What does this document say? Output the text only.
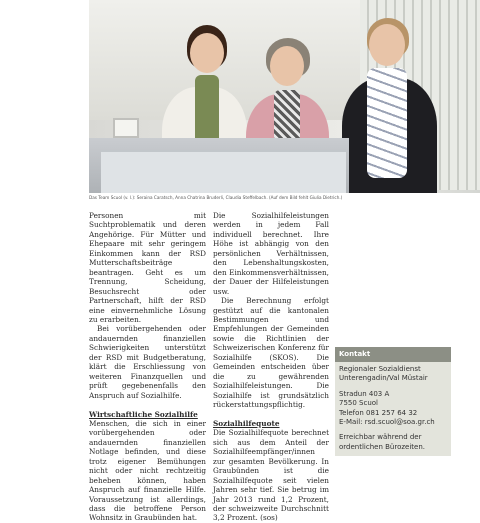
Das Team Scuol (v. l.): Seraina Caratsch, Anna Chatrina Bruderli, Claudia Steffelbach. (Auf dem Bild fehlt Giulia Dietrich.)

Personen mit Suchtproblematik und deren Angehörige. Für Mütter und Ehepaare mit sehr geringem Einkommen kann der RSD Mutterschaftsbeiträge beantragen. Geht es um Trennung, Scheidung, Besuchsrecht oder Partnerschaft, hilft der RSD eine einvernehmliche Lösung zu erarbeiten.

Bei vorübergehenden oder andauernden finanziellen Schwierigkeiten unterstützt der RSD mit Budgetberatung, klärt die Erschliessung von weiteren Finanzquellen und prüft gegebenenfalls den Anspruch auf Sozialhilfe.

Wirtschaftliche Sozialhilfe

Menschen, die sich in einer vorübergehenden oder andauernden finanziellen Notlage befinden, und diese trotz eigener Bemühungen nicht oder nicht rechtzeitig beheben können, haben Anspruch auf finanzielle Hilfe. Voraussetzung ist allerdings, dass die betroffene Person Wohnsitz in Graubünden hat.

Die Sozialhilfeleistungen werden in jedem Fall individuell berechnet. Ihre Höhe ist abhängig von den persönlichen Verhältnissen, den Lebenshaltungskosten, den Einkommensverhältnissen, der Dauer der Hilfeleistungen usw.

Die Berechnung erfolgt gestützt auf die kantonalen Bestimmungen und Empfehlungen der Gemeinden sowie die Richtlinien der Schweizerischen Konferenz für Sozialhilfe (SKOS). Die Gemeinden entscheiden über die zu gewährenden Sozialhilfeleistungen. Die Sozialhilfe ist grundsätzlich rückerstattungspflichtig.

Sozialhilfequote

Die Sozialhilfequote berechnet sich aus dem Anteil der Sozialhilfeempfänger/innen zur gesamten Bevölkerung. In Graubünden ist die Sozialhilfequote seit vielen Jahren sehr tief. Sie betrug im Jahr 2013 rund 1,2 Prozent, der schweizweite Durchschnitt 3,2 Prozent. (sos)

Kontakt

Regionaler Sozialdienst

Unterengadin/Val Müstair

Stradun 403 A

7550 Scuol

Telefon 081 257 64 32

E-Mail: rsd.scuol@soa.gr.ch

Erreichbar während der ordentlichen Bürozeiten.
